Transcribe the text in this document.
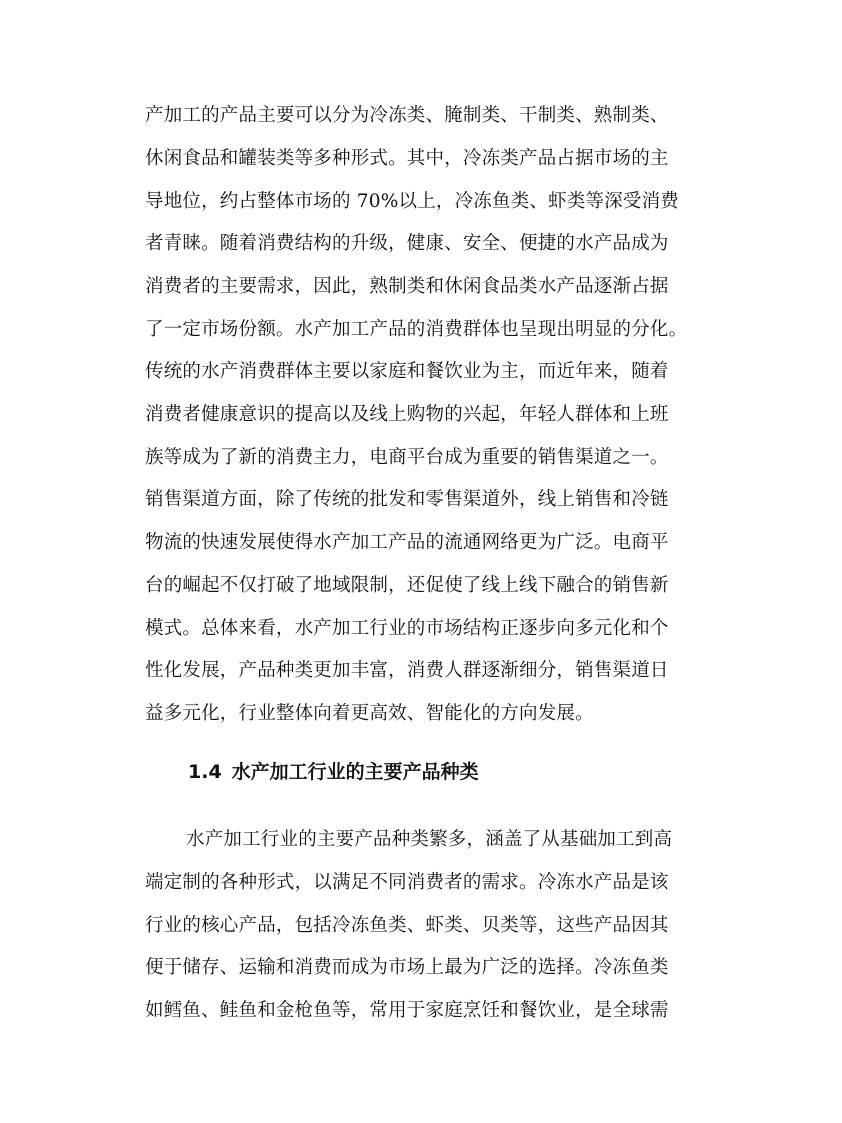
产加工的产品主要可以分为冷冻类、腌制类、干制类、熟制类、
休闲食品和罐装类等多种形式。其中，冷冻类产品占据市场的主
导地位，约占整体市场的 70%以上，冷冻鱼类、虾类等深受消费
者青睐。随着消费结构的升级，健康、安全、便捷的水产品成为
消费者的主要需求，因此，熟制类和休闲食品类水产品逐渐占据
了一定市场份额。水产加工产品的消费群体也呈现出明显的分化。
传统的水产消费群体主要以家庭和餐饮业为主，而近年来，随着
消费者健康意识的提高以及线上购物的兴起，年轻人群体和上班
族等成为了新的消费主力，电商平台成为重要的销售渠道之一。
销售渠道方面，除了传统的批发和零售渠道外，线上销售和冷链
物流的快速发展使得水产加工产品的流通网络更为广泛。电商平
台的崛起不仅打破了地域限制，还促使了线上线下融合的销售新
模式。总体来看，水产加工行业的市场结构正逐步向多元化和个
性化发展，产品种类更加丰富，消费人群逐渐细分，销售渠道日
益多元化，行业整体向着更高效、智能化的方向发展。
1.4 水产加工行业的主要产品种类
水产加工行业的主要产品种类繁多，涵盖了从基础加工到高
端定制的各种形式，以满足不同消费者的需求。冷冻水产品是该
行业的核心产品，包括冷冻鱼类、虾类、贝类等，这些产品因其
便于储存、运输和消费而成为市场上最为广泛的选择。冷冻鱼类
如鳕鱼、鲑鱼和金枪鱼等，常用于家庭烹饪和餐饮业，是全球需
